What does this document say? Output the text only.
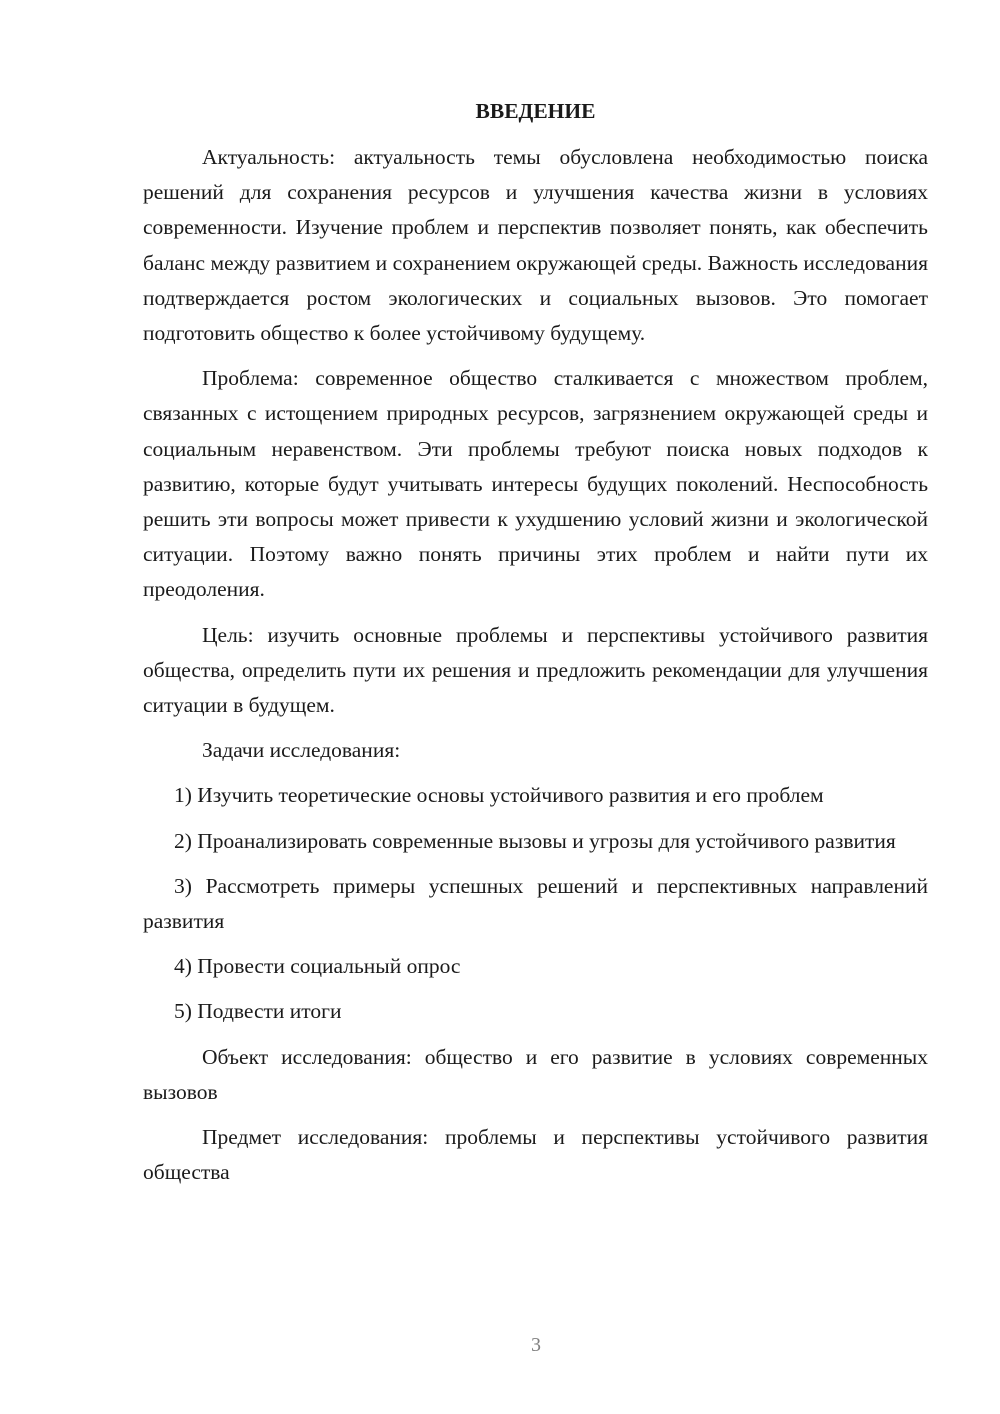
ВВЕДЕНИЕ

Актуальность: актуальность темы обусловлена необходимостью поиска решений для сохранения ресурсов и улучшения качества жизни в условиях современности. Изучение проблем и перспектив позволяет понять, как обеспечить баланс между развитием и сохранением окружающей среды. Важность исследования подтверждается ростом экологических и социальных вызовов. Это помогает подготовить общество к более устойчивому будущему.

Проблема: современное общество сталкивается с множеством проблем, связанных с истощением природных ресурсов, загрязнением окружающей среды и социальным неравенством. Эти проблемы требуют поиска новых подходов к развитию, которые будут учитывать интересы будущих поколений. Неспособность решить эти вопросы может привести к ухудшению условий жизни и экологической ситуации. Поэтому важно понять причины этих проблем и найти пути их преодоления.

Цель: изучить основные проблемы и перспективы устойчивого развития общества, определить пути их решения и предложить рекомендации для улучшения ситуации в будущем.

Задачи исследования:

1) Изучить теоретические основы устойчивого развития и его проблем

2) Проанализировать современные вызовы и угрозы для устойчивого развития

3) Рассмотреть примеры успешных решений и перспективных направлений развития

4) Провести социальный опрос

5) Подвести итоги

Объект исследования: общество и его развитие в условиях современных вызовов

Предмет исследования: проблемы и перспективы устойчивого развития общества

3
